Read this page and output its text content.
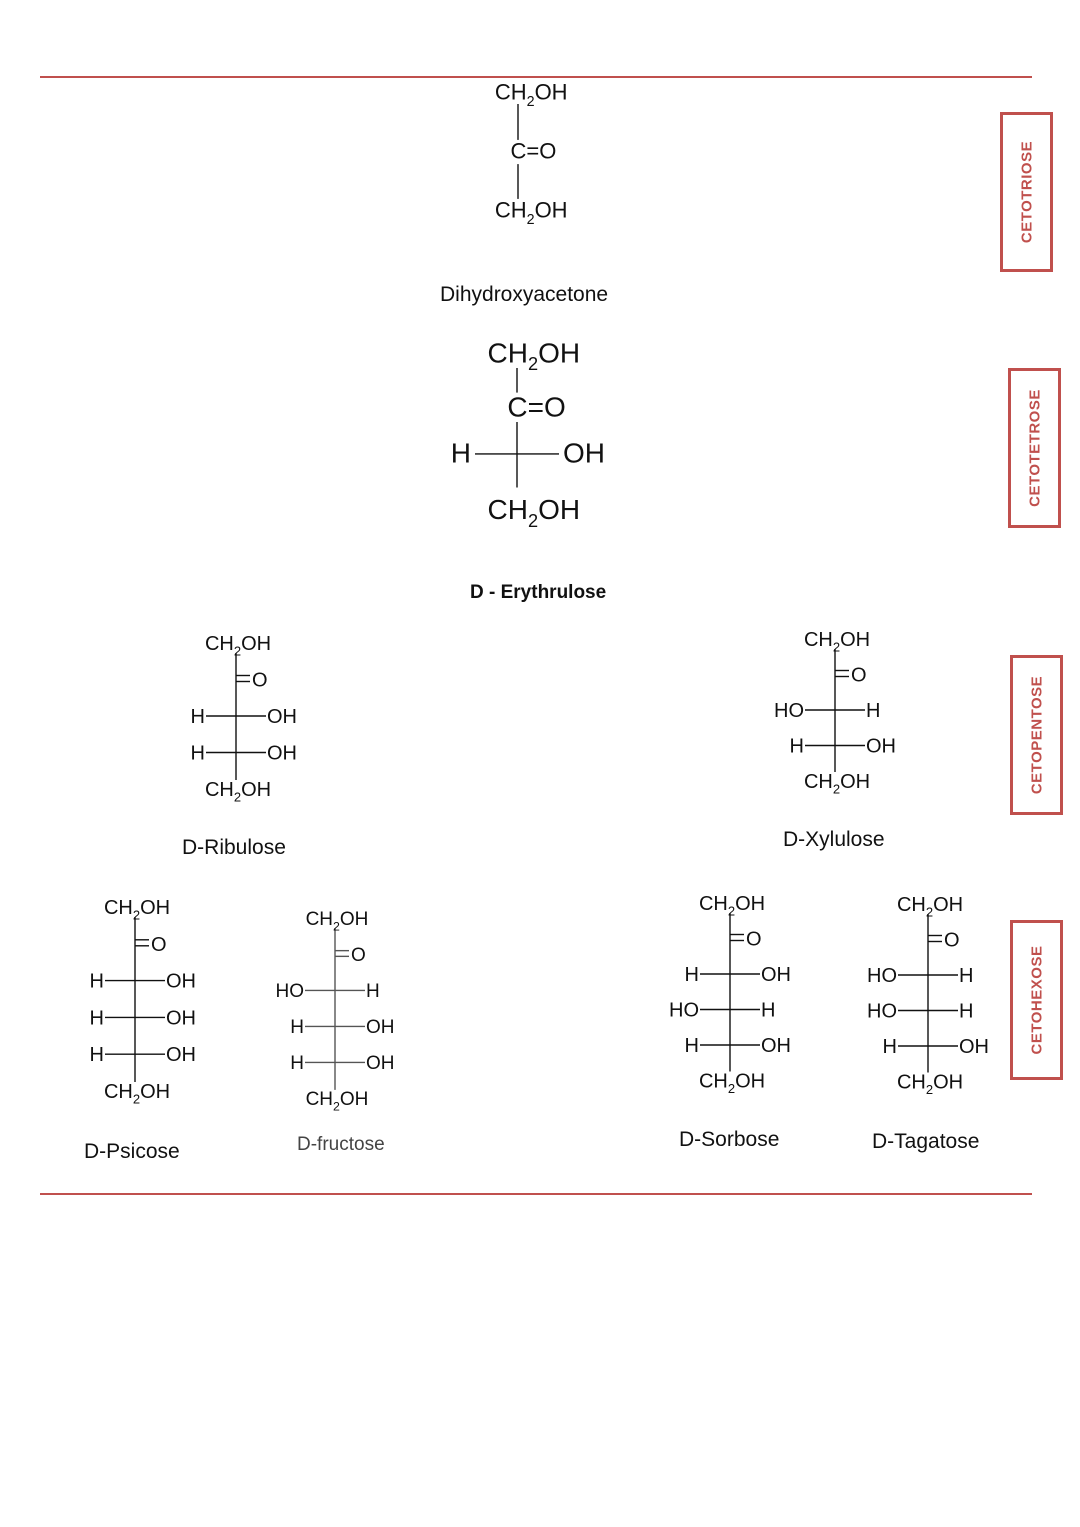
CETOTRIOSE
CETOTETROSE
CETOPENTOSE
CETOHEXOSE
$CH_2OH$
C=O
$CH_2OH$
Dihydroxyacetone
$CH_2OH$
C=O
H	OH
$CH_2OH$
D - Erythrulose
$CH_2OH$
O
H	OH
H	OH
$CH_2OH$
D-Ribulose
$CH_2OH$
O
HO	H
H	OH
$CH_2OH$
D-Xylulose
$CH_2OH$
O
H	OH
H	OH
H	OH
$CH_2OH$
D-Psicose
$CH_2OH$
O
HO	H
H	OH
H	OH
$CH_2OH$
D-fructose
$CH_2OH$
O
H	OH
HO	H
H	OH
$CH_2OH$
D-Sorbose
$CH_2OH$
O
HO	H
HO	H
H	OH
$CH_2OH$
D-Tagatose
